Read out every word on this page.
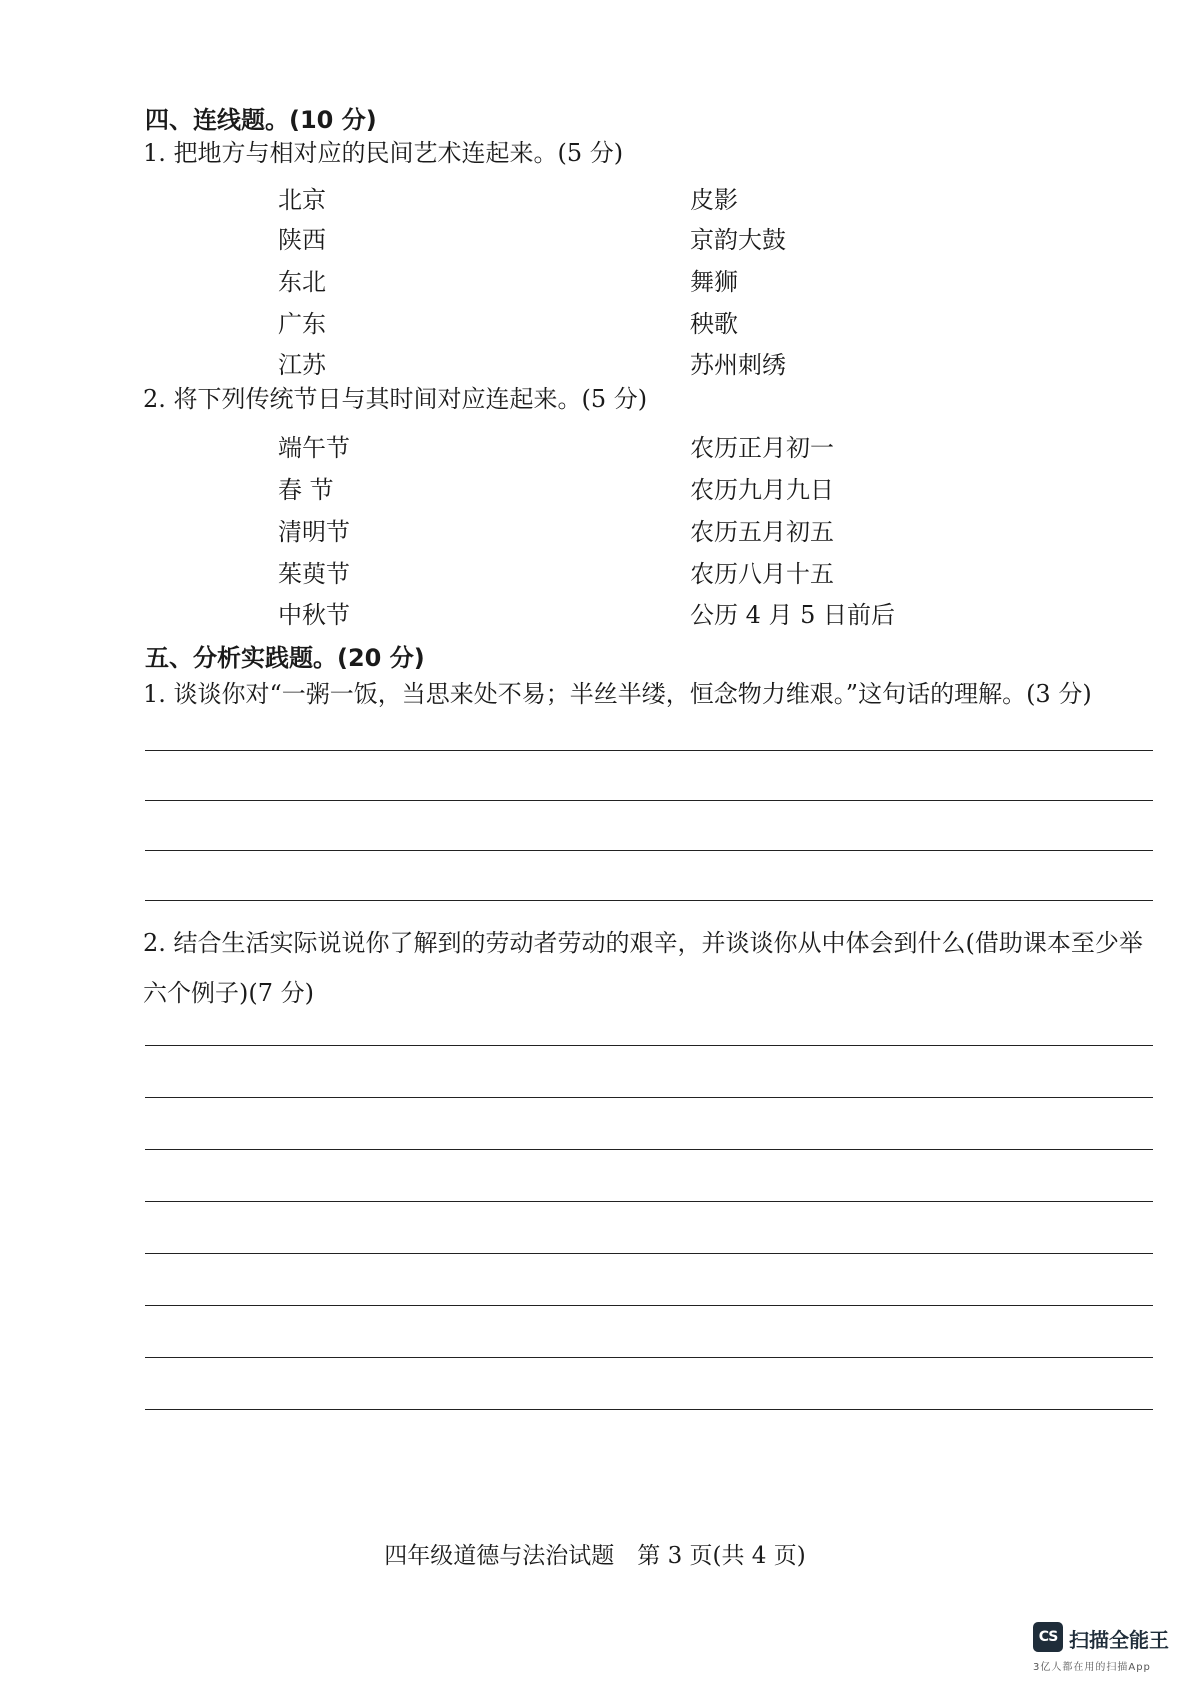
四、连线题。(10 分)
1. 把地方与相对应的民间艺术连起来。(5 分)
北京
陕西
东北
广东
江苏
皮影
京韵大鼓
舞狮
秧歌
苏州刺绣
2. 将下列传统节日与其时间对应连起来。(5 分)
端午节
春 节
清明节
茱萸节
中秋节
农历正月初一
农历九月九日
农历五月初五
农历八月十五
公历 4 月 5 日前后
五、分析实践题。(20 分)
1. 谈谈你对“一粥一饭，当思来处不易；半丝半缕，恒念物力维艰。”这句话的理解。(3 分)
2. 结合生活实际说说你了解到的劳动者劳动的艰辛，并谈谈你从中体会到什么(借助课本至少举六个例子)(7 分)
四年级道德与法治试题　第 3 页(共 4 页)
CS 扫描全能王
3亿人都在用的扫描App
